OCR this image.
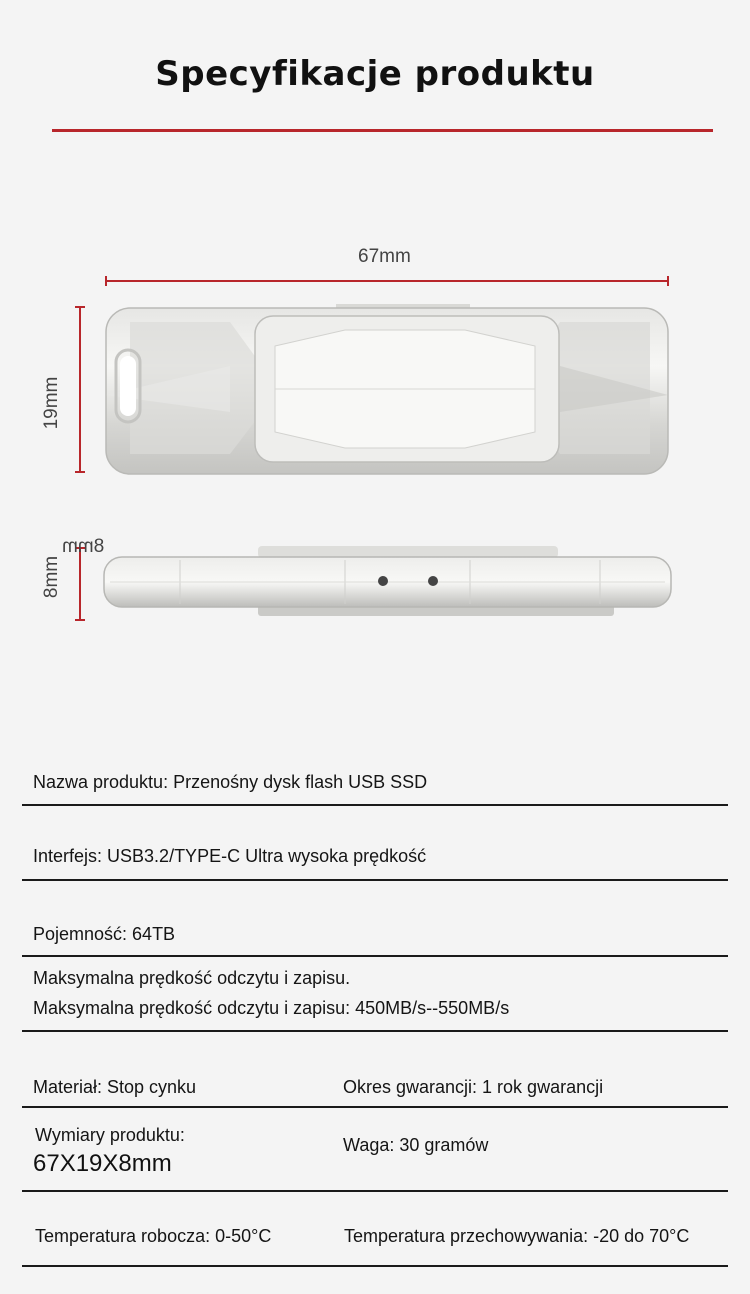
Specyfikacje produktu
67mm
19mm
8mm
8mm
Nazwa produktu: Przenośny dysk flash USB SSD
Interfejs: USB3.2/TYPE-C Ultra wysoka prędkość
Pojemność: 64TB
Maksymalna prędkość odczytu i zapisu.
Maksymalna prędkość odczytu i zapisu: 450MB/s--550MB/s
Materiał: Stop cynku	Okres gwarancji: 1 rok gwarancji
Wymiary produktu:
67X19X8mm
Waga: 30 gramów
Temperatura robocza: 0-50°C	Temperatura przechowywania: -20 do 70°C
